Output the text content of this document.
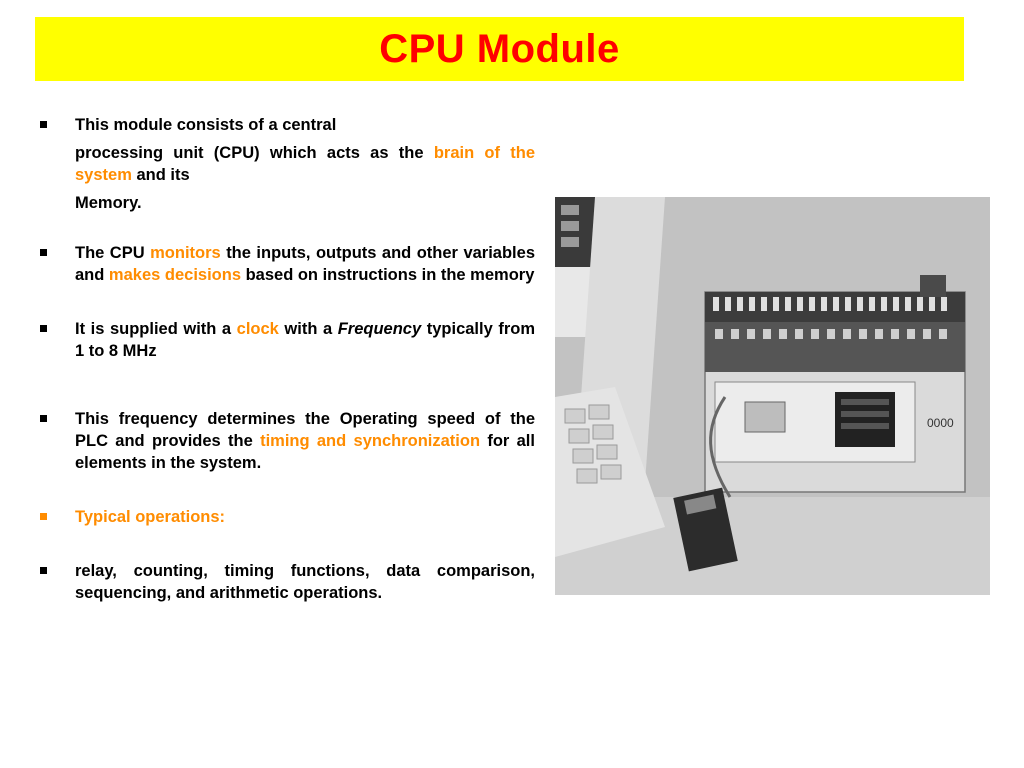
CPU Module
This module consists of a central
processing unit (CPU) which acts as the brain of the system and its
Memory.
The CPU monitors the inputs, outputs and other variables and makes decisions based on instructions in the memory
It is supplied with a clock with a Frequency typically from 1 to 8 MHz
This frequency determines the Operating speed of the PLC and provides the timing and synchronization for all elements in the system.
Typical operations:
relay, counting, timing functions, data comparison, sequencing, and arithmetic operations.
0000
